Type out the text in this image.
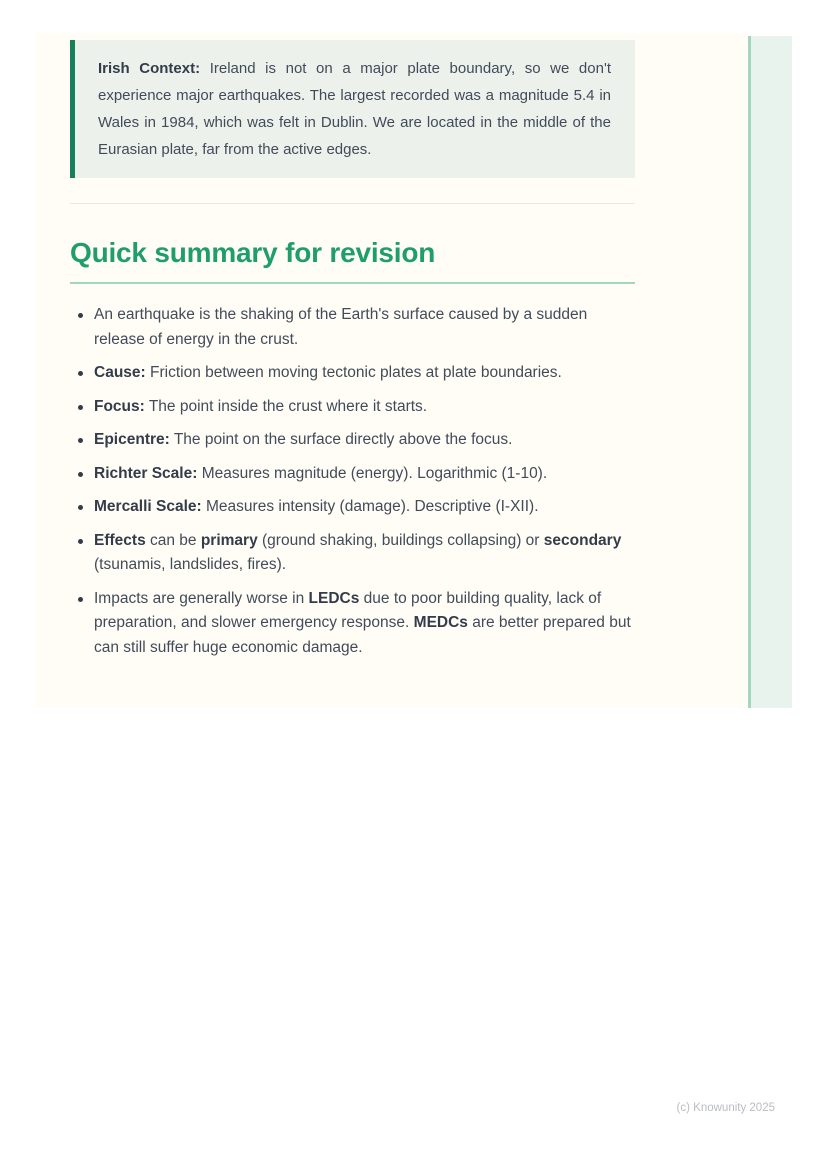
Irish Context: Ireland is not on a major plate boundary, so we don't experience major earthquakes. The largest recorded was a magnitude 5.4 in Wales in 1984, which was felt in Dublin. We are located in the middle of the Eurasian plate, far from the active edges.
Quick summary for revision
An earthquake is the shaking of the Earth's surface caused by a sudden release of energy in the crust.
Cause: Friction between moving tectonic plates at plate boundaries.
Focus: The point inside the crust where it starts.
Epicentre: The point on the surface directly above the focus.
Richter Scale: Measures magnitude (energy). Logarithmic (1-10).
Mercalli Scale: Measures intensity (damage). Descriptive (I-XII).
Effects can be primary (ground shaking, buildings collapsing) or secondary (tsunamis, landslides, fires).
Impacts are generally worse in LEDCs due to poor building quality, lack of preparation, and slower emergency response. MEDCs are better prepared but can still suffer huge economic damage.
(c) Knowunity 2025
